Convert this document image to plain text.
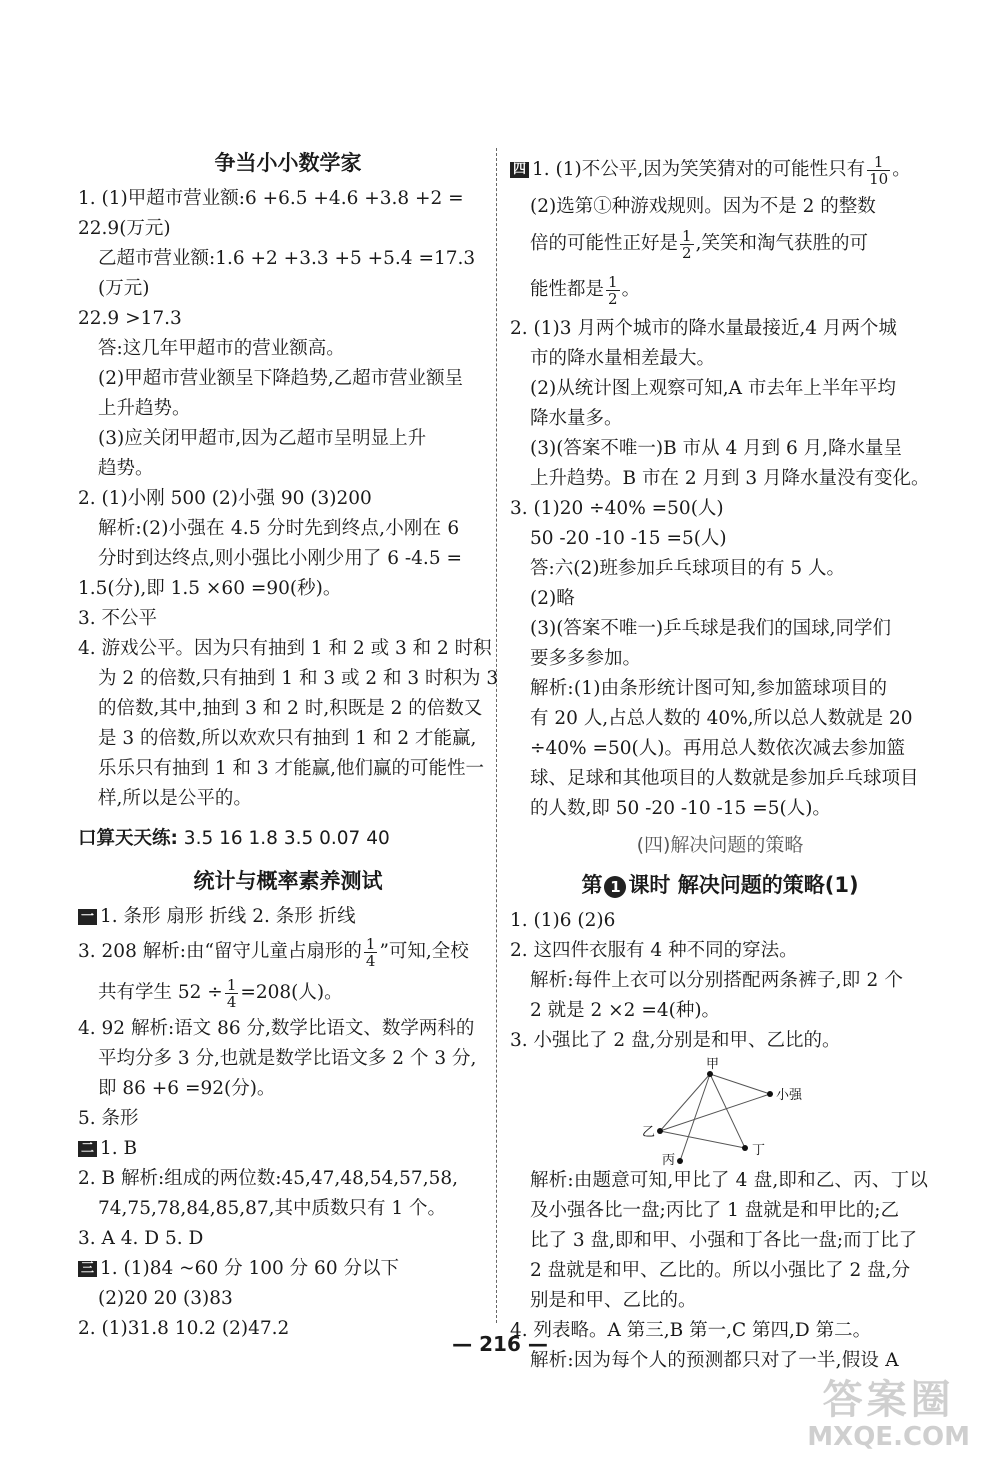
争当小小数学家
1. (1)甲超市营业额:6 +6.5 +4.6 +3.8 +2 =
22.9(万元)
乙超市营业额:1.6 +2 +3.3 +5 +5.4 =17.3
(万元)
22.9 >17.3
答:这几年甲超市的营业额高。
(2)甲超市营业额呈下降趋势,乙超市营业额呈
上升趋势。
(3)应关闭甲超市,因为乙超市呈明显上升
趋势。
2. (1)小刚 500 (2)小强 90 (3)200
解析:(2)小强在 4.5 分时先到终点,小刚在 6
分时到达终点,则小强比小刚少用了 6 -4.5 =
1.5(分),即 1.5 ×60 =90(秒)。
3. 不公平
4. 游戏公平。因为只有抽到 1 和 2 或 3 和 2 时积
为 2 的倍数,只有抽到 1 和 3 或 2 和 3 时积为 3
的倍数,其中,抽到 3 和 2 时,积既是 2 的倍数又
是 3 的倍数,所以欢欢只有抽到 1 和 2 才能赢,
乐乐只有抽到 1 和 3 才能赢,他们赢的可能性一
样,所以是公平的。
口算天天练: 3.5 16 1.8 3.5 0.07 40
统计与概率素养测试
一 1. 条形 扇形 折线 2. 条形 折线
3. 208 解析:由“留守儿童占扇形的 $\frac{1}{4}$ ”可知,全校
共有学生 $52 \div \frac{1}{4} =208$(人)。
4. 92 解析:语文 86 分,数学比语文、数学两科的
平均分多 3 分,也就是数学比语文多 2 个 3 分,
即 86 +6 =92(分)。
5. 条形
二 1. B
2. B 解析:组成的两位数:45,47,48,54,57,58,
74,75,78,84,85,87,其中质数只有 1 个。
3. A 4. D 5. D
三 1. (1)84 ~60 分 100 分 60 分以下
(2)20 20 (3)83
2. (1)31.8 10.2 (2)47.2
四 1. (1)不公平,因为笑笑猜对的可能性只有 $\frac{1}{10}$ 。
(2)选第①种游戏规则。因为不是 2 的整数
倍的可能性正好是 $\frac{1}{2}$ ,笑笑和淘气获胜的可
能性都是 $\frac{1}{2}$ 。
2. (1)3 月两个城市的降水量最接近,4 月两个城
市的降水量相差最大。
(2)从统计图上观察可知,A 市去年上半年平均
降水量多。
(3)(答案不唯一)B 市从 4 月到 6 月,降水量呈
上升趋势。B 市在 2 月到 3 月降水量没有变化。
3. (1)20 ÷40% =50(人)
50 -20 -10 -15 =5(人)
答:六(2)班参加乒乓球项目的有 5 人。
(2)略
(3)(答案不唯一)乒乓球是我们的国球,同学们
要多多参加。
解析:(1)由条形统计图可知,参加篮球项目的
有 20 人,占总人数的 40%,所以总人数就是 20
÷40% =50(人)。再用总人数依次减去参加篮
球、足球和其他项目的人数就是参加乒乓球项目
的人数,即 50 -20 -10 -15 =5(人)。
(四)解决问题的策略
第 1 课时 解决问题的策略(1)
1. (1)6 (2)6
2. 这四件衣服有 4 种不同的穿法。
解析:每件上衣可以分别搭配两条裤子,即 2 个
2 就是 2 ×2 =4(种)。
3. 小强比了 2 盘,分别是和甲、乙比的。
甲
乙
丙
丁
小强
解析:由题意可知,甲比了 4 盘,即和乙、丙、丁以
及小强各比一盘;丙比了 1 盘就是和甲比的;乙
比了 3 盘,即和甲、小强和丁各比一盘;而丁比了
2 盘就是和甲、乙比的。所以小强比了 2 盘,分
别是和甲、乙比的。
4. 列表略。A 第三,B 第一,C 第四,D 第二。
解析:因为每个人的预测都只对了一半,假设 A
— 216 —
答案圈
MXQE.COM
